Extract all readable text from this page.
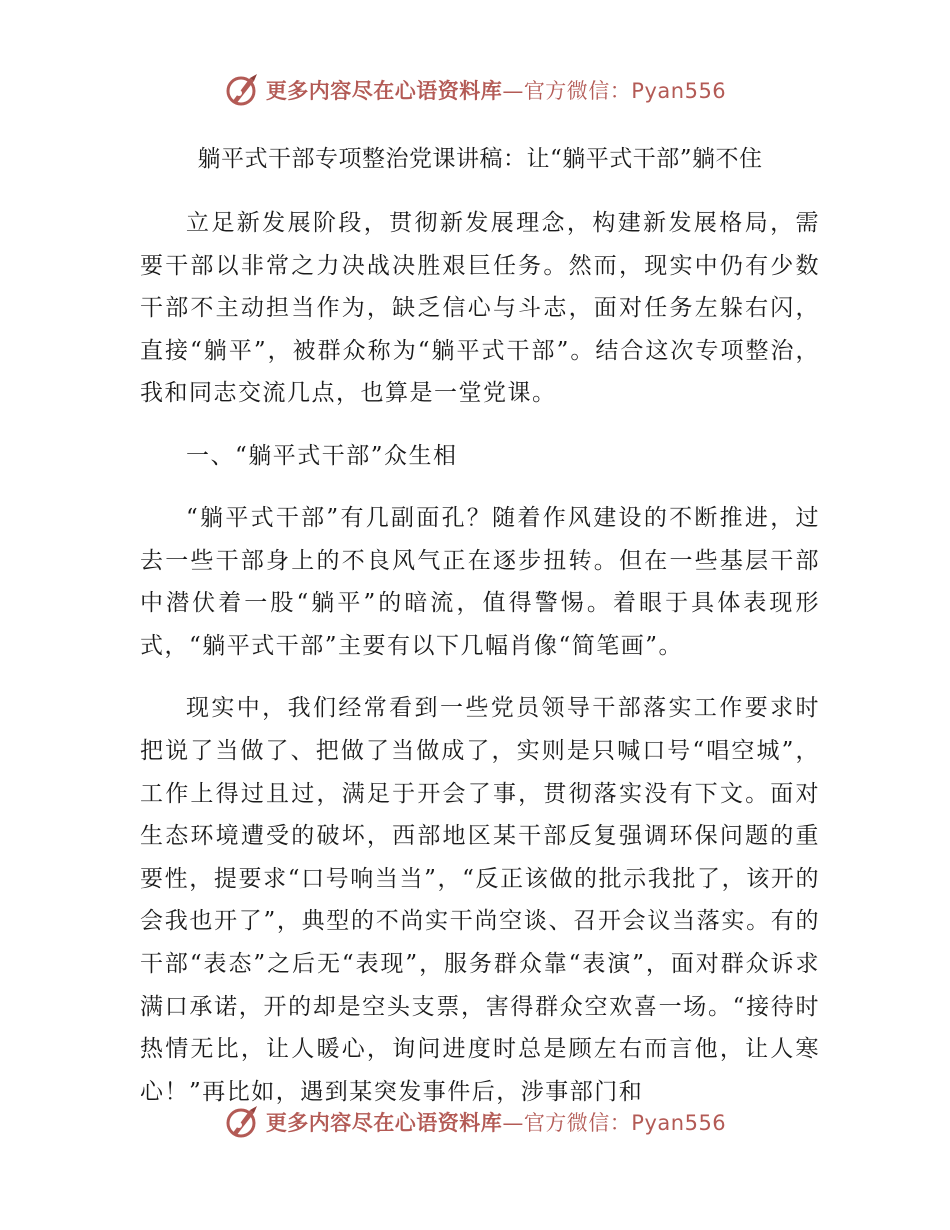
更多内容尽在心语资料库—官方微信：Pyan556
躺平式干部专项整治党课讲稿：让“躺平式干部”躺不住

立足新发展阶段，贯彻新发展理念，构建新发展格局，需要干部以非常之力决战决胜艰巨任务。然而，现实中仍有少数干部不主动担当作为，缺乏信心与斗志，面对任务左躲右闪，直接“躺平”，被群众称为“躺平式干部”。结合这次专项整治，我和同志交流几点，也算是一堂党课。

一、“躺平式干部”众生相

“躺平式干部”有几副面孔？随着作风建设的不断推进，过去一些干部身上的不良风气正在逐步扭转。但在一些基层干部中潜伏着一股“躺平”的暗流，值得警惕。着眼于具体表现形式，“躺平式干部”主要有以下几幅肖像“简笔画”。

现实中，我们经常看到一些党员领导干部落实工作要求时把说了当做了、把做了当做成了，实则是只喊口号“唱空城”，工作上得过且过，满足于开会了事，贯彻落实没有下文。面对生态环境遭受的破坏，西部地区某干部反复强调环保问题的重要性，提要求“口号响当当”，“反正该做的批示我批了，该开的会我也开了”，典型的不尚实干尚空谈、召开会议当落实。有的干部“表态”之后无“表现”，服务群众靠“表演”，面对群众诉求满口承诺，开的却是空头支票，害得群众空欢喜一场。“接待时热情无比，让人暖心，询问进度时总是顾左右而言他，让人寒心！”再比如，遇到某突发事件后，涉事部门和

更多内容尽在心语资料库—官方微信：Pyan556
